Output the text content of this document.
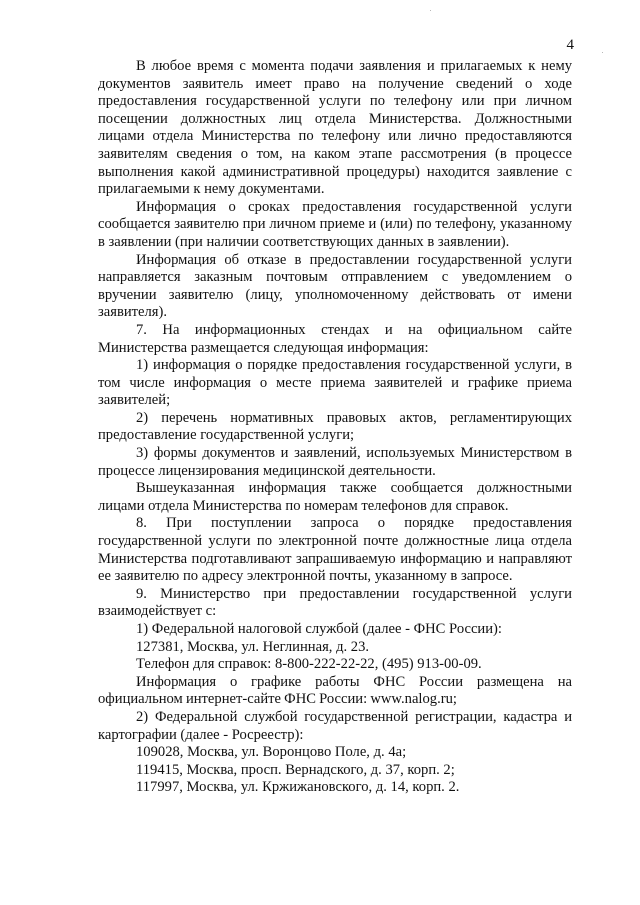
4

В любое время с момента подачи заявления и прилагаемых к нему документов заявитель имеет право на получение сведений о ходе предоставления государственной услуги по телефону или при личном посещении должностных лиц отдела Министерства. Должностными лицами отдела Министерства по телефону или лично предоставляются заявителям сведения о том, на каком этапе рассмотрения (в процессе выполнения какой административной процедуры) находится заявление с прилагаемыми к нему документами.

Информация о сроках предоставления государственной услуги сообщается заявителю при личном приеме и (или) по телефону, указанному в заявлении (при наличии соответствующих данных в заявлении).

Информация об отказе в предоставлении государственной услуги направляется заказным почтовым отправлением с уведомлением о вручении заявителю (лицу, уполномоченному действовать от имени заявителя).

7. На информационных стендах и на официальном сайте Министерства размещается следующая информация:

1) информация о порядке предоставления государственной услуги, в том числе информация о месте приема заявителей и графике приема заявителей;

2) перечень нормативных правовых актов, регламентирующих предоставление государственной услуги;

3) формы документов и заявлений, используемых Министерством в процессе лицензирования медицинской деятельности.

Вышеуказанная информация также сообщается должностными лицами отдела Министерства по номерам телефонов для справок.

8. При поступлении запроса о порядке предоставления государственной услуги по электронной почте должностные лица отдела Министерства подготавливают запрашиваемую информацию и направляют ее заявителю по адресу электронной почты, указанному в запросе.

9. Министерство при предоставлении государственной услуги взаимодействует с:

1) Федеральной налоговой службой (далее - ФНС России):

127381, Москва, ул. Неглинная, д. 23.

Телефон для справок: 8-800-222-22-22, (495) 913-00-09.

Информация о графике работы ФНС России размещена на официальном интернет-сайте ФНС России: www.nalog.ru;

2) Федеральной службой государственной регистрации, кадастра и картографии (далее - Росреестр):

109028, Москва, ул. Воронцово Поле, д. 4а;

119415, Москва, просп. Вернадского, д. 37, корп. 2;

117997, Москва, ул. Кржижановского, д. 14, корп. 2.
